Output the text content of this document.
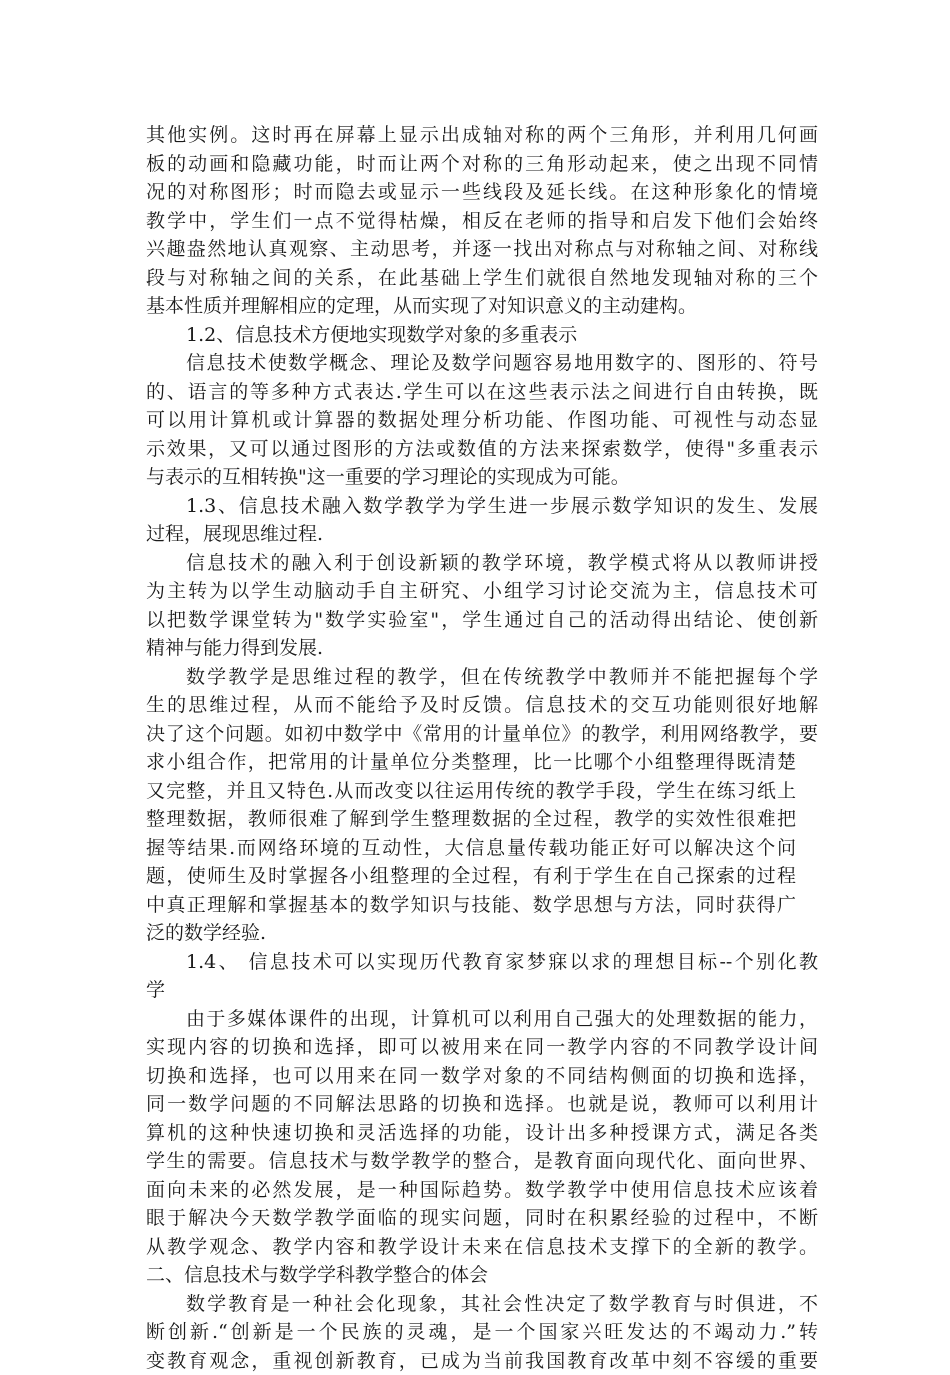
其他实例。这时再在屏幕上显示出成轴对称的两个三角形，并利用几何画
板的动画和隐藏功能，时而让两个对称的三角形动起来，使之出现不同情
况的对称图形；时而隐去或显示一些线段及延长线。在这种形象化的情境
教学中，学生们一点不觉得枯燥，相反在老师的指导和启发下他们会始终
兴趣盎然地认真观察、主动思考，并逐一找出对称点与对称轴之间、对称线
段与对称轴之间的关系，在此基础上学生们就很自然地发现轴对称的三个
基本性质并理解相应的定理，从而实现了对知识意义的主动建构。
1.2、信息技术方便地实现数学对象的多重表示
信息技术使数学概念、理论及数学问题容易地用数字的、图形的、符号
的、语言的等多种方式表达.学生可以在这些表示法之间进行自由转换，既
可以用计算机或计算器的数据处理分析功能、作图功能、可视性与动态显
示效果，又可以通过图形的方法或数值的方法来探索数学，使得"多重表示
与表示的互相转换"这一重要的学习理论的实现成为可能。
1.3、信息技术融入数学教学为学生进一步展示数学知识的发生、发展
过程，展现思维过程.
信息技术的融入利于创设新颖的教学环境，教学模式将从以教师讲授
为主转为以学生动脑动手自主研究、小组学习讨论交流为主，信息技术可
以把数学课堂转为"数学实验室"，学生通过自己的活动得出结论、使创新
精神与能力得到发展.
数学教学是思维过程的教学，但在传统教学中教师并不能把握每个学
生的思维过程，从而不能给予及时反馈。信息技术的交互功能则很好地解
决了这个问题。如初中数学中《常用的计量单位》的教学，利用网络教学，要
求小组合作，把常用的计量单位分类整理，比一比哪个小组整理得既清楚
又完整，并且又特色.从而改变以往运用传统的教学手段，学生在练习纸上
整理数据，教师很难了解到学生整理数据的全过程，教学的实效性很难把
握等结果.而网络环境的互动性，大信息量传载功能正好可以解决这个问
题，使师生及时掌握各小组整理的全过程，有利于学生在自己探索的过程
中真正理解和掌握基本的数学知识与技能、数学思想与方法，同时获得广
泛的数学经验.
1.4、 信息技术可以实现历代教育家梦寐以求的理想目标--个别化教
学
由于多媒体课件的出现，计算机可以利用自己强大的处理数据的能力，
实现内容的切换和选择，即可以被用来在同一教学内容的不同教学设计间
切换和选择，也可以用来在同一数学对象的不同结构侧面的切换和选择，
同一数学问题的不同解法思路的切换和选择。也就是说，教师可以利用计
算机的这种快速切换和灵活选择的功能，设计出多种授课方式，满足各类
学生的需要。信息技术与数学教学的整合，是教育面向现代化、面向世界、
面向未来的必然发展，是一种国际趋势。数学教学中使用信息技术应该着
眼于解决今天数学教学面临的现实问题，同时在积累经验的过程中，不断
从教学观念、教学内容和教学设计未来在信息技术支撑下的全新的教学。
二、信息技术与数学学科教学整合的体会
数学教育是一种社会化现象，其社会性决定了数学教育与时俱进，不
断创新.“创新是一个民族的灵魂，是一个国家兴旺发达的不竭动力.”转
变教育观念，重视创新教育，已成为当前我国教育改革中刻不容缓的重要
